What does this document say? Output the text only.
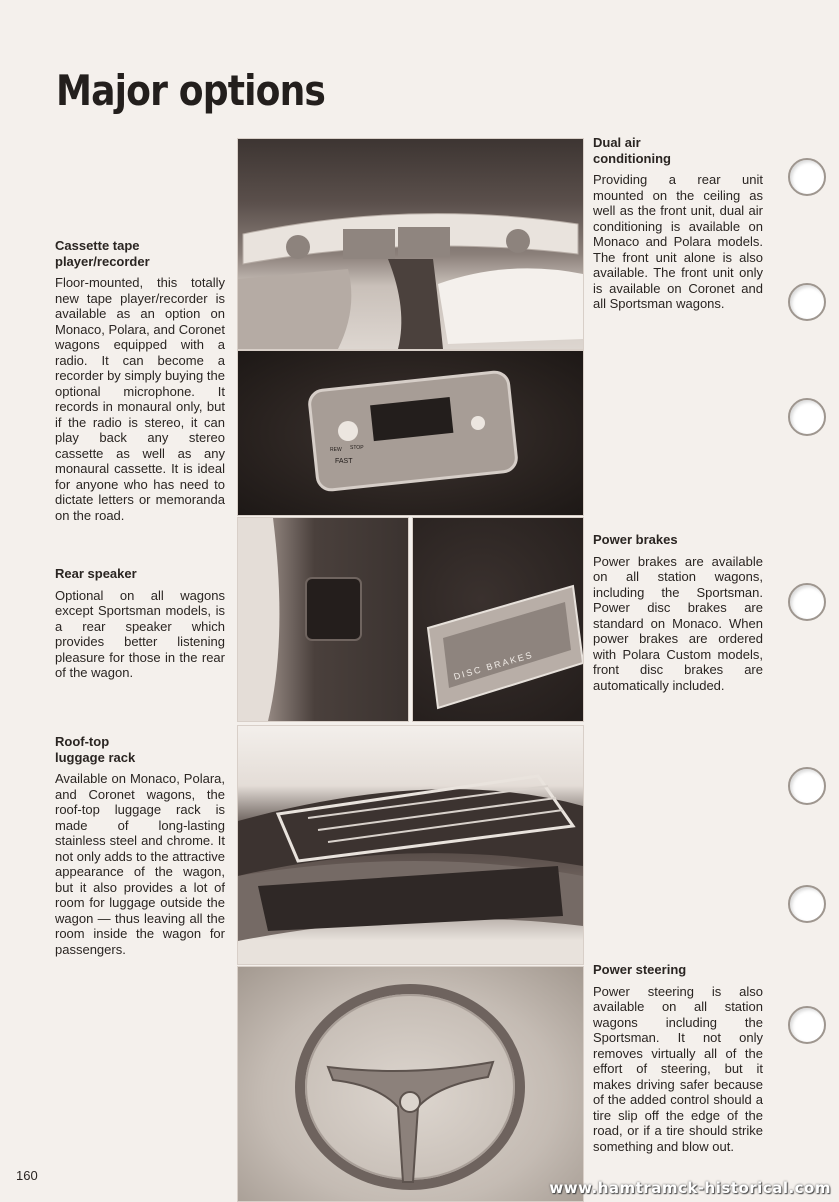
Major options
Cassette tape
player/recorder

Floor-mounted, this totally new tape player/recorder is available as an option on Monaco, Polara, and Coronet wagons equipped with a radio. It can become a recorder by simply buying the optional microphone. It records in monaural only, but if the radio is stereo, it can play back any stereo cassette as well as any monaural cassette. It is ideal for anyone who has need to dictate letters or memoranda on the road.

Rear speaker

Optional on all wagons except Sportsman models, is a rear speaker which provides better listening pleasure for those in the rear of the wagon.

Roof-top
luggage rack

Available on Monaco, Polara, and Coronet wagons, the roof-top luggage rack is made of long-lasting stainless steel and chrome. It not only adds to the attractive appearance of the wagon, but it also provides a lot of room for luggage outside the wagon — thus leaving all the room inside the wagon for passengers.

Dual air
conditioning

Providing a rear unit mounted on the ceiling as well as the front unit, dual air conditioning is available on Monaco and Polara models. The front unit alone is also available. The front unit only is available on Coronet and all Sportsman wagons.

Power brakes

Power brakes are available on all station wagons, including the Sportsman. Power disc brakes are standard on Monaco. When power brakes are ordered with Polara Custom models, front disc brakes are automatically included.

Power steering

Power steering is also available on all station wagons including the Sportsman. It not only removes virtually all of the effort of steering, but it makes driving safer because of the added control should a tire slip off the edge of the road, or if a tire should strike something and blow out.

FAST
REW STOP
DISC BRAKES
160
www.hamtramck-historical.com
